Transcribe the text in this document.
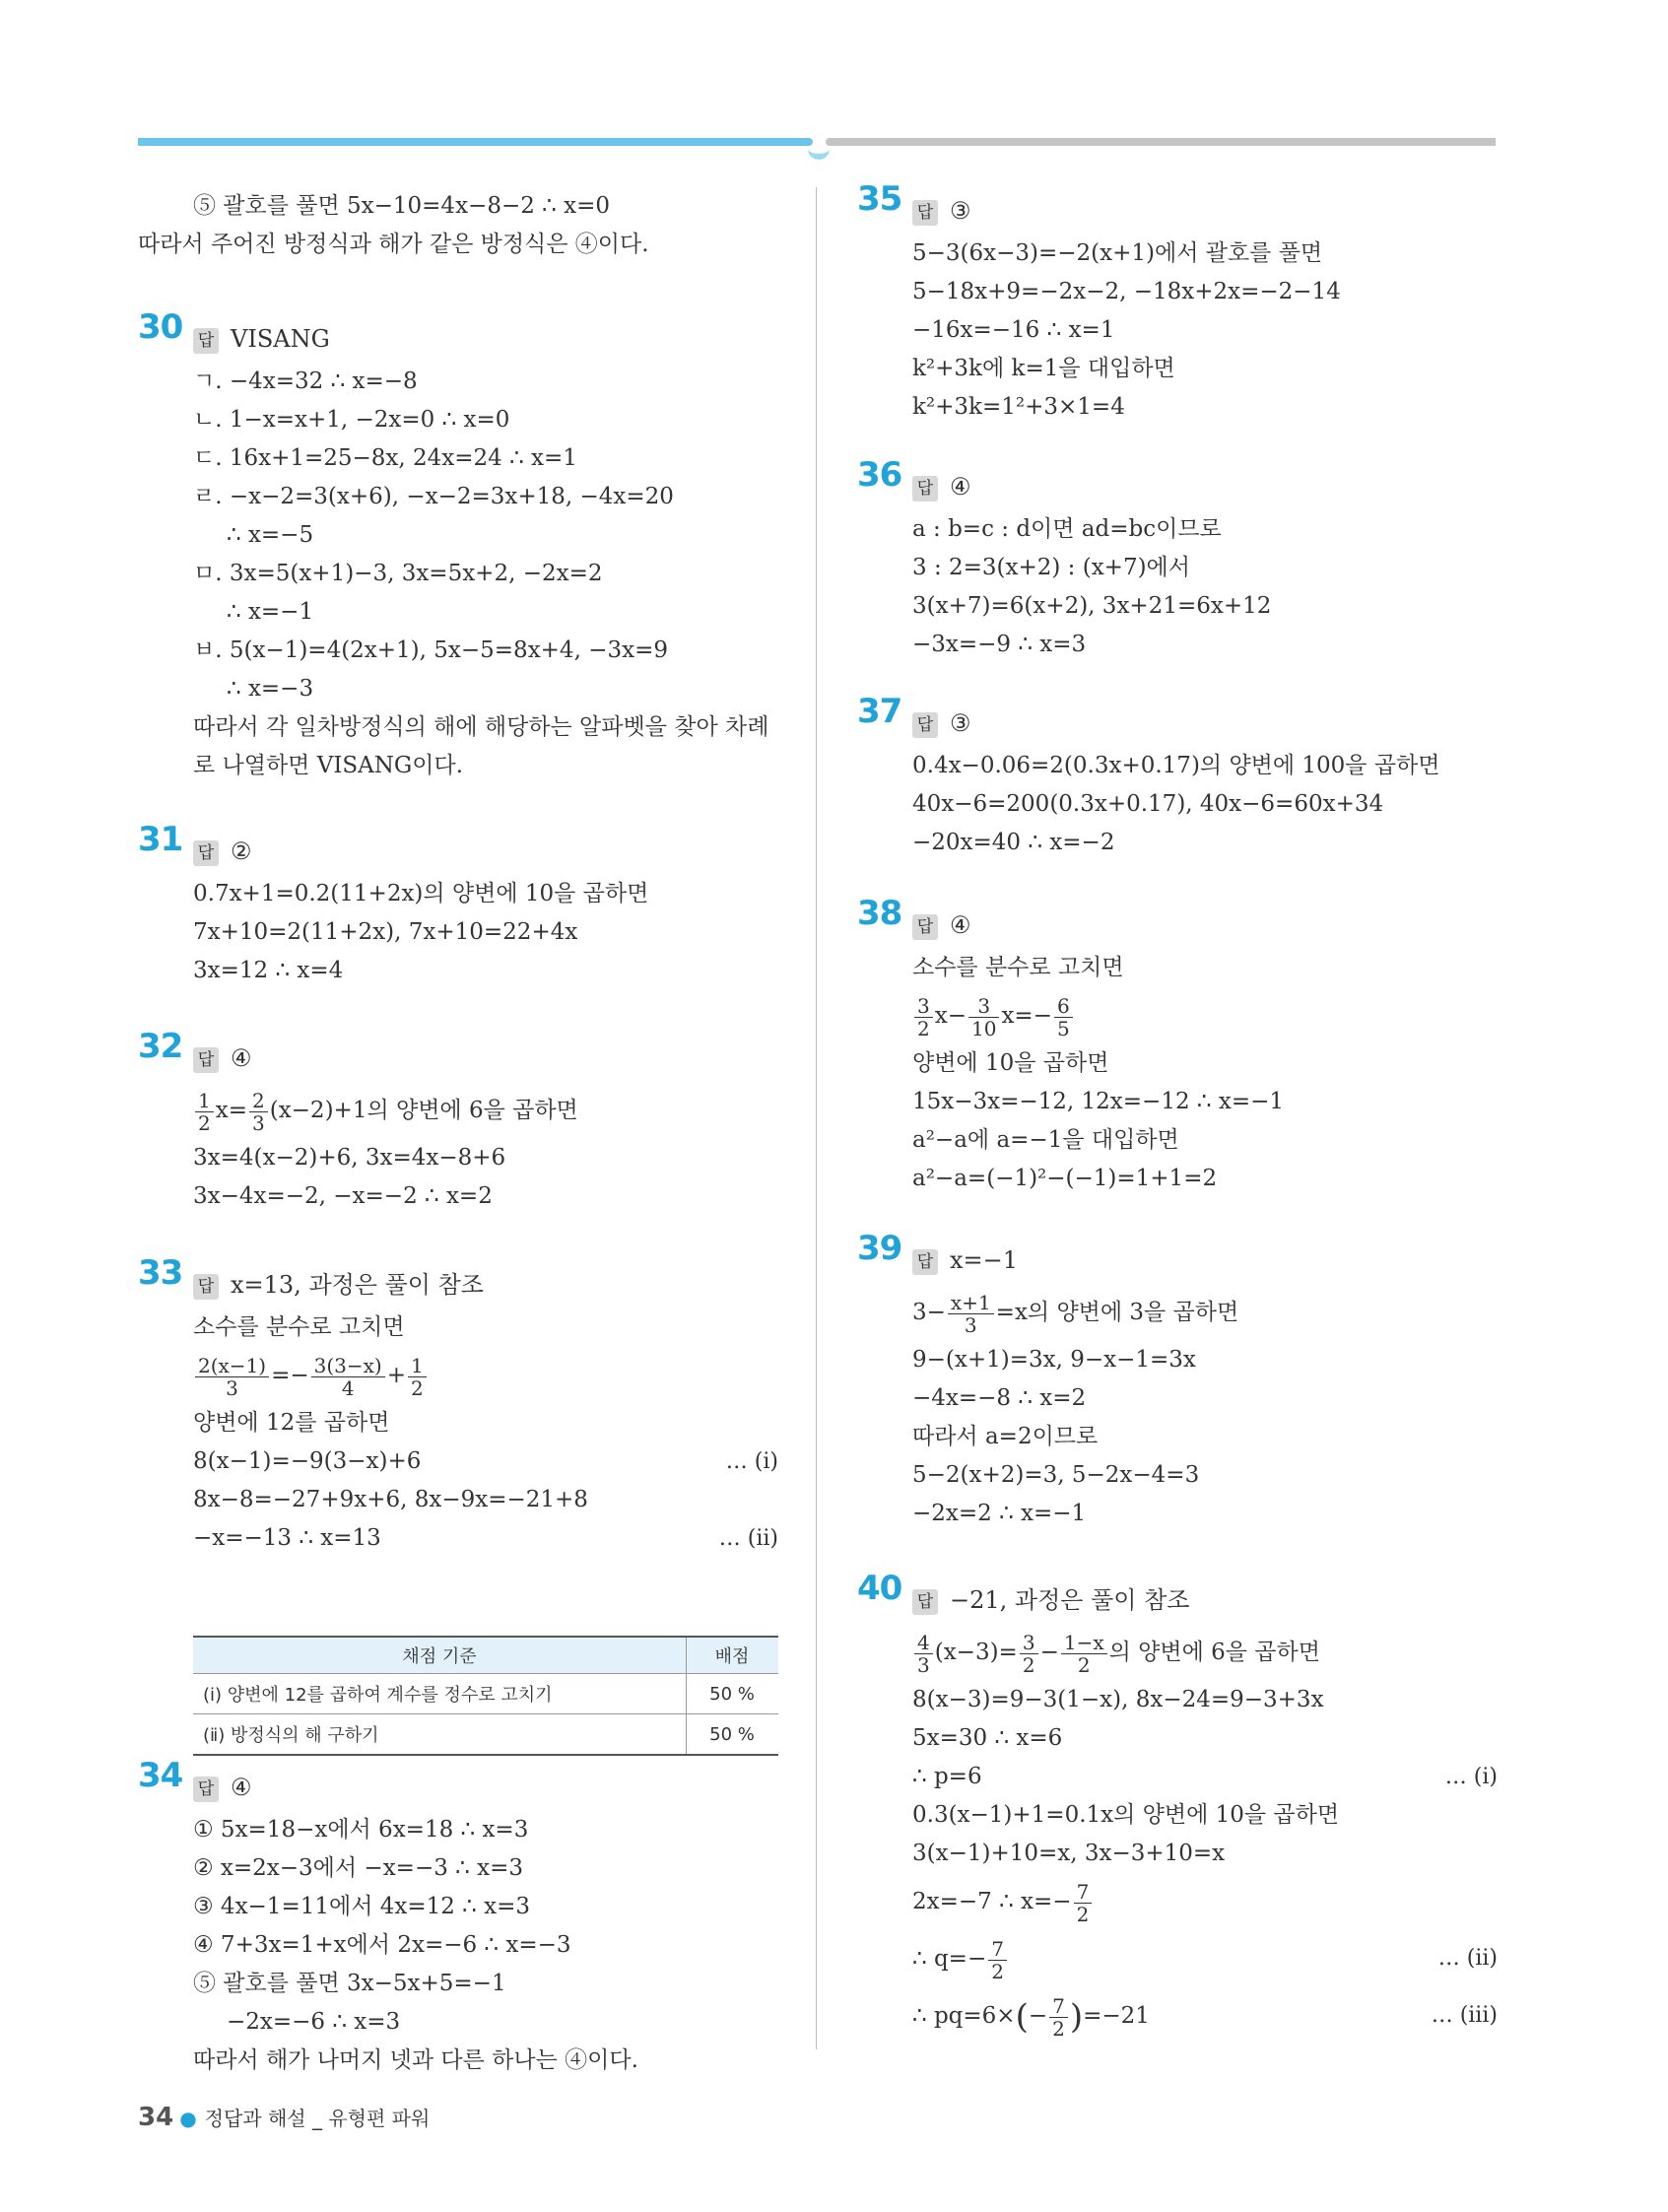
⑤ 괄호를 풀면 5x−10=4x−8−2 ∴ x=0
따라서 주어진 방정식과 해가 같은 방정식은 ④이다.
30 답 VISANG
ㄱ. −4x=32 ∴ x=−8
ㄴ. 1−x=x+1, −2x=0 ∴ x=0
ㄷ. 16x+1=25−8x, 24x=24 ∴ x=1
ㄹ. −x−2=3(x+6), −x−2=3x+18, −4x=20
∴ x=−5
ㅁ. 3x=5(x+1)−3, 3x=5x+2, −2x=2
∴ x=−1
ㅂ. 5(x−1)=4(2x+1), 5x−5=8x+4, −3x=9
∴ x=−3
따라서 각 일차방정식의 해에 해당하는 알파벳을 찾아 차례
로 나열하면 VISANG이다.
31 답 ②
0.7x+1=0.2(11+2x)의 양변에 10을 곱하면
7x+10=2(11+2x), 7x+10=22+4x
3x=12 ∴ x=4
32 답 ④
$\frac{1}{2} x= \frac{2}{3} (x-2)+1$의 양변에 6을 곱하면
3x=4(x−2)+6, 3x=4x−8+6
3x−4x=−2, −x=−2 ∴ x=2
33 답 x=13, 과정은 풀이 참조
소수를 분수로 고치면
$\frac{2(x-1)}{3} =- \frac{3(3-x)}{4} + \frac{1}{2}$
양변에 12를 곱하면
8(x−1)=−9(3−x)+6	… (ⅰ)
8x−8=−27+9x+6, 8x−9x=−21+8
−x=−13 ∴ x=13	… (ⅱ)
채점 기준	배점
(ⅰ) 양변에 12를 곱하여 계수를 정수로 고치기	50 %
(ⅱ) 방정식의 해 구하기	50 %
34 답 ④
① 5x=18−x에서 6x=18 ∴ x=3
② x=2x−3에서 −x=−3 ∴ x=3
③ 4x−1=11에서 4x=12 ∴ x=3
④ 7+3x=1+x에서 2x=−6 ∴ x=−3
⑤ 괄호를 풀면 3x−5x+5=−1
−2x=−6 ∴ x=3
따라서 해가 나머지 넷과 다른 하나는 ④이다.
35 답 ③
5−3(6x−3)=−2(x+1)에서 괄호를 풀면
5−18x+9=−2x−2, −18x+2x=−2−14
−16x=−16 ∴ x=1
k²+3k에 k=1을 대입하면
k²+3k=1²+3×1=4
36 답 ④
a : b=c : d이면 ad=bc이므로
3 : 2=3(x+2) : (x+7)에서
3(x+7)=6(x+2), 3x+21=6x+12
−3x=−9 ∴ x=3
37 답 ③
0.4x−0.06=2(0.3x+0.17)의 양변에 100을 곱하면
40x−6=200(0.3x+0.17), 40x−6=60x+34
−20x=40 ∴ x=−2
38 답 ④
소수를 분수로 고치면
$\frac{3}{2} x- \frac{3}{10} x=- \frac{6}{5}$
양변에 10을 곱하면
15x−3x=−12, 12x=−12 ∴ x=−1
a²−a에 a=−1을 대입하면
a²−a=(−1)²−(−1)=1+1=2
39 답 x=−1
$3- \frac{x+1}{3} =x$의 양변에 3을 곱하면
9−(x+1)=3x, 9−x−1=3x
−4x=−8 ∴ x=2
따라서 a=2이므로
5−2(x+2)=3, 5−2x−4=3
−2x=2 ∴ x=−1
40 답 −21, 과정은 풀이 참조
$\frac{4}{3} (x-3)= \frac{3}{2} - \frac{1-x}{2}$ 의 양변에 6을 곱하면
8(x−3)=9−3(1−x), 8x−24=9−3+3x
5x=30 ∴ x=6
∴ p=6	… (ⅰ)
0.3(x−1)+1=0.1x의 양변에 10을 곱하면
3(x−1)+10=x, 3x−3+10=x
2x=−7 ∴ $x=- \frac{7}{2}$
∴ $q=- \frac{7}{2}$	… (ⅱ)
∴ $pq=6\times(- \frac{7}{2} )=-21$	… (ⅲ)
34 ● 정답과 해설 _ 유형편 파워
